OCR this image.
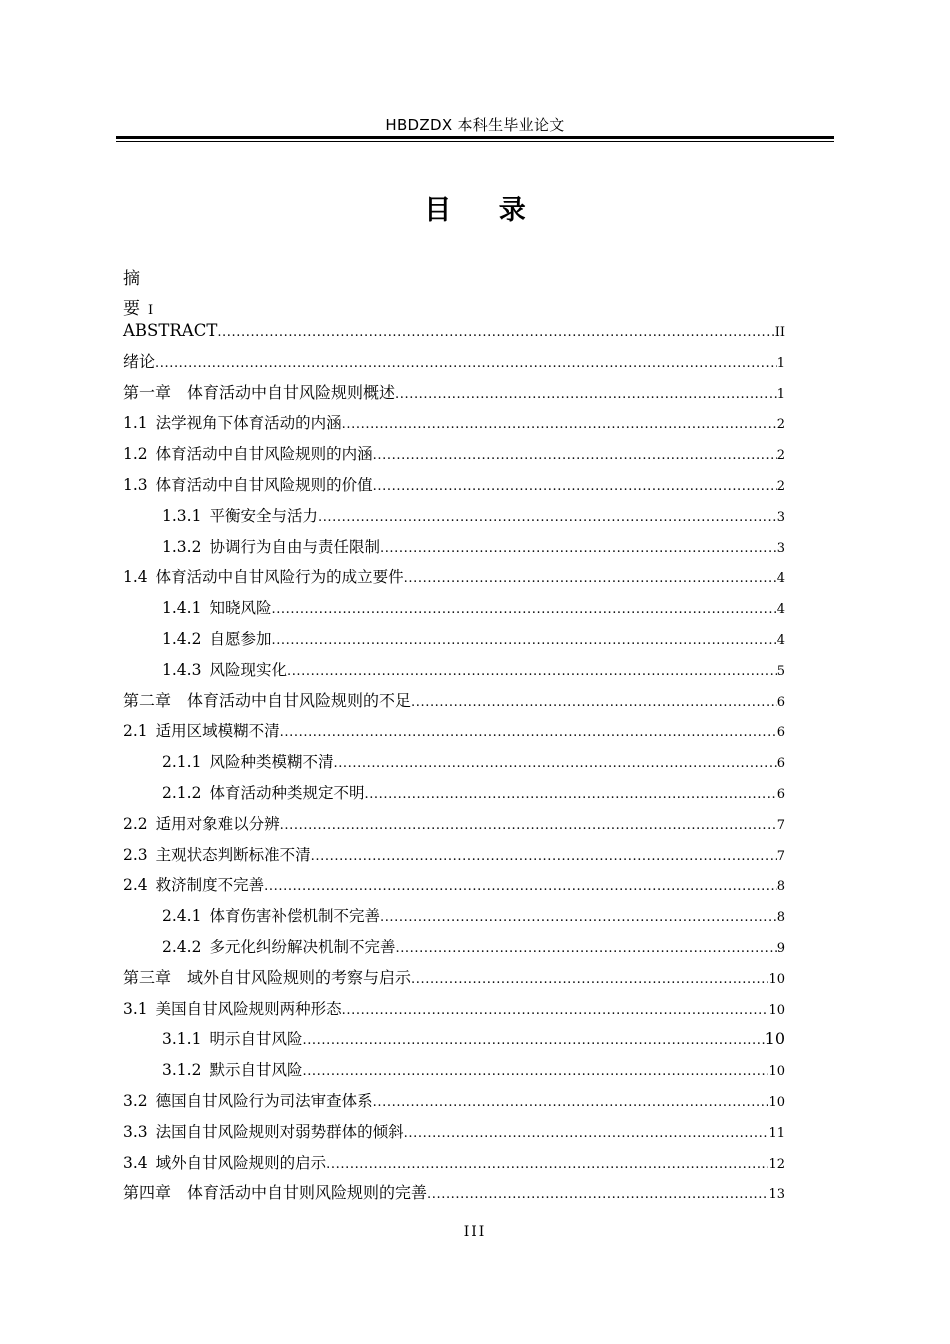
HBDZDX 本科生毕业论文
目 录
摘
要 I
ABSTRACT .....	II
绪论 .....	1
第一章　体育活动中自甘风险规则概述 .....	1
1.1 法学视角下体育活动的内涵 .....	2
1.2 体育活动中自甘风险规则的内涵 .....	2
1.3 体育活动中自甘风险规则的价值 .....	2
1.3.1 平衡安全与活力 .....	3
1.3.2 协调行为自由与责任限制 .....	3
1.4 体育活动中自甘风险行为的成立要件 .....	4
1.4.1 知晓风险 .....	4
1.4.2 自愿参加 .....	4
1.4.3 风险现实化 .....	5
第二章　体育活动中自甘风险规则的不足 .....	6
2.1 适用区域模糊不清 .....	6
2.1.1 风险种类模糊不清 .....	6
2.1.2 体育活动种类规定不明 .....	6
2.2 适用对象难以分辨 .....	7
2.3 主观状态判断标准不清 .....	7
2.4 救济制度不完善 .....	8
2.4.1 体育伤害补偿机制不完善 .....	8
2.4.2 多元化纠纷解决机制不完善 .....	9
第三章　域外自甘风险规则的考察与启示 .....	10
3.1 美国自甘风险规则两种形态 .....	10
3.1.1 明示自甘风险 .....	10
3.1.2 默示自甘风险 .....	10
3.2 德国自甘风险行为司法审查体系 .....	10
3.3 法国自甘风险规则对弱势群体的倾斜 .....	11
3.4 域外自甘风险规则的启示 .....	12
第四章　体育活动中自甘则风险规则的完善 .....	13
III
